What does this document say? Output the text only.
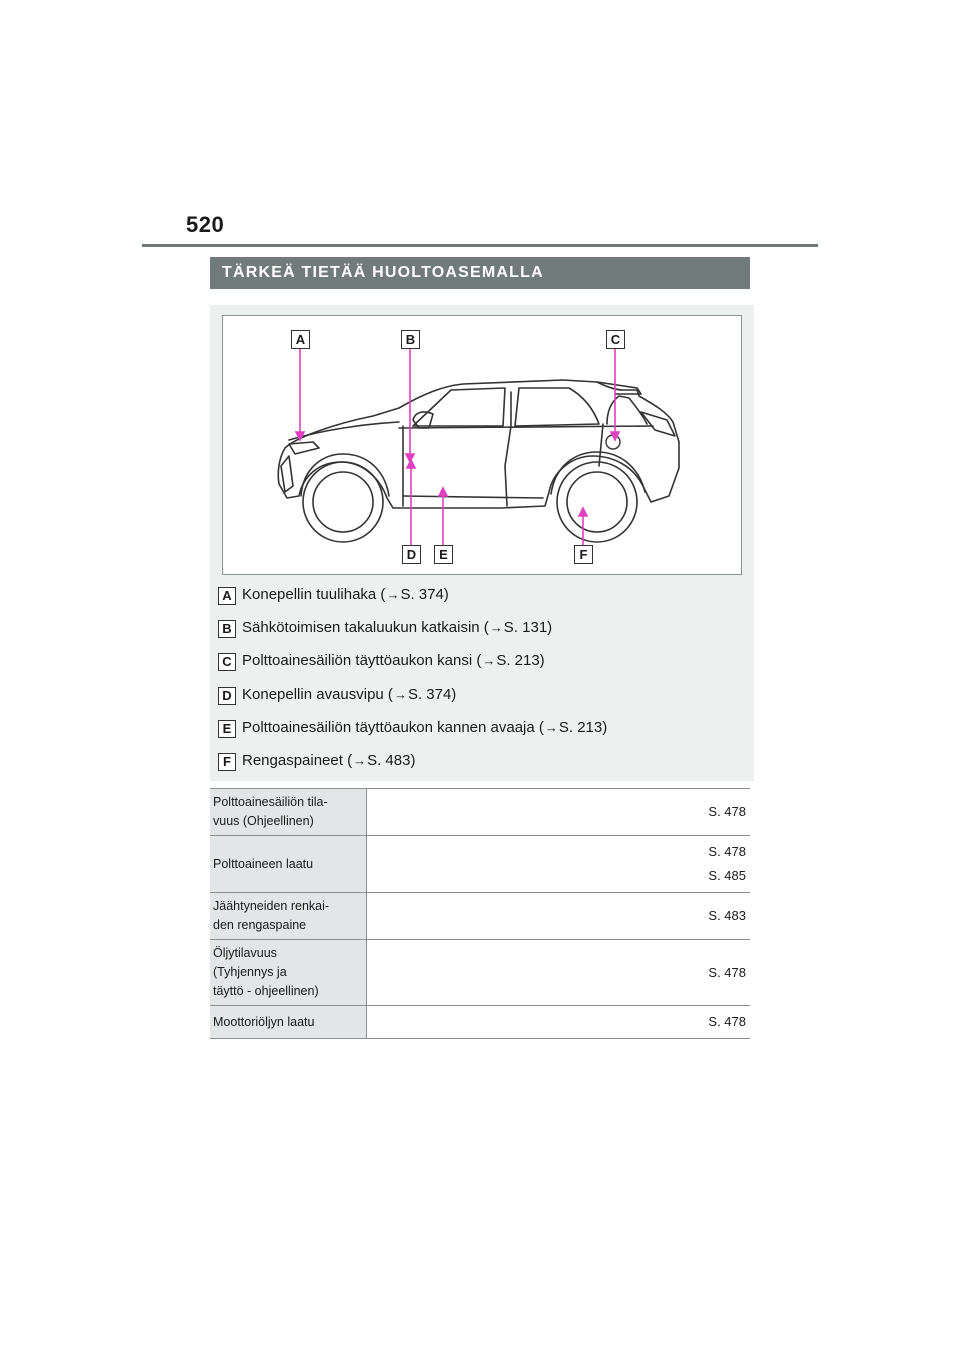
520
TÄRKEÄ TIETÄÄ HUOLTOASEMALLA
A	B	C
D	E	F
A Konepellin tuulihaka (→S. 374)
B Sähkötoimisen takaluukun katkaisin (→S. 131)
C Polttoainesäiliön täyttöaukon kansi (→S. 213)
D Konepellin avausvipu (→S. 374)
E Polttoainesäiliön täyttöaukon kannen avaaja (→S. 213)
F Rengaspaineet (→S. 483)
Polttoainesäiliön tila-
vuus (Ohjeellinen)	S. 478

Polttoaineen laatu	S. 478
S. 485

Jäähtyneiden renkai-
den rengaspaine	S. 483

Öljytilavuus
(Tyhjennys ja
täyttö - ohjeellinen)	S. 478

Moottoriöljyn laatu	S. 478
